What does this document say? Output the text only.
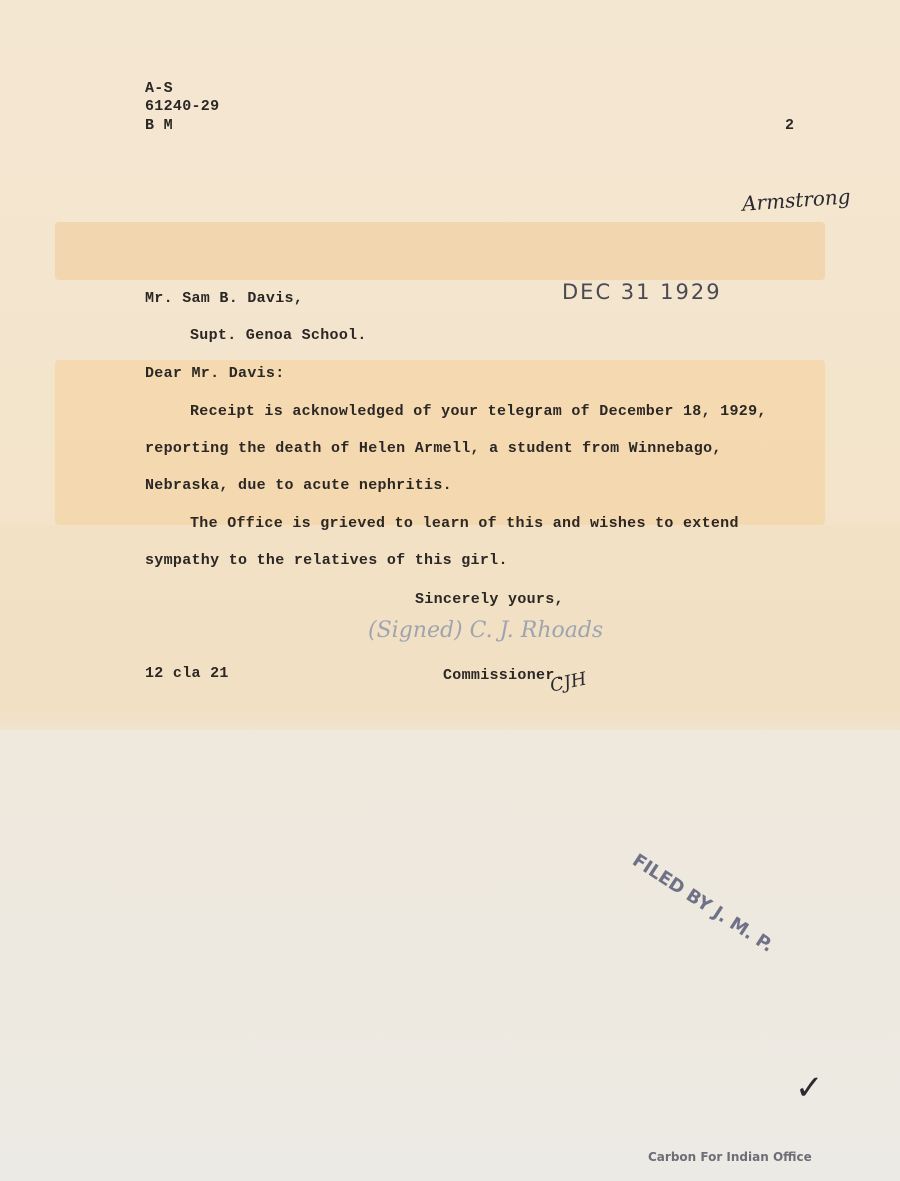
A-S
61240-29
B M	2
Armstrong
DEC 31 1929
Mr. Sam B. Davis,
Supt. Genoa School.
Dear Mr. Davis:
Receipt is acknowledged of your telegram of December 18, 1929,
reporting the death of Helen Armell, a student from Winnebago,
Nebraska, due to acute nephritis.
The Office is grieved to learn of this and wishes to extend
sympathy to the relatives of this girl.
Sincerely yours,
(Signed) C. J. Rhoads
12 cla 21	Commissioner.
CJH
FILED BY J. M. P.
✓
Carbon For Indian Office
